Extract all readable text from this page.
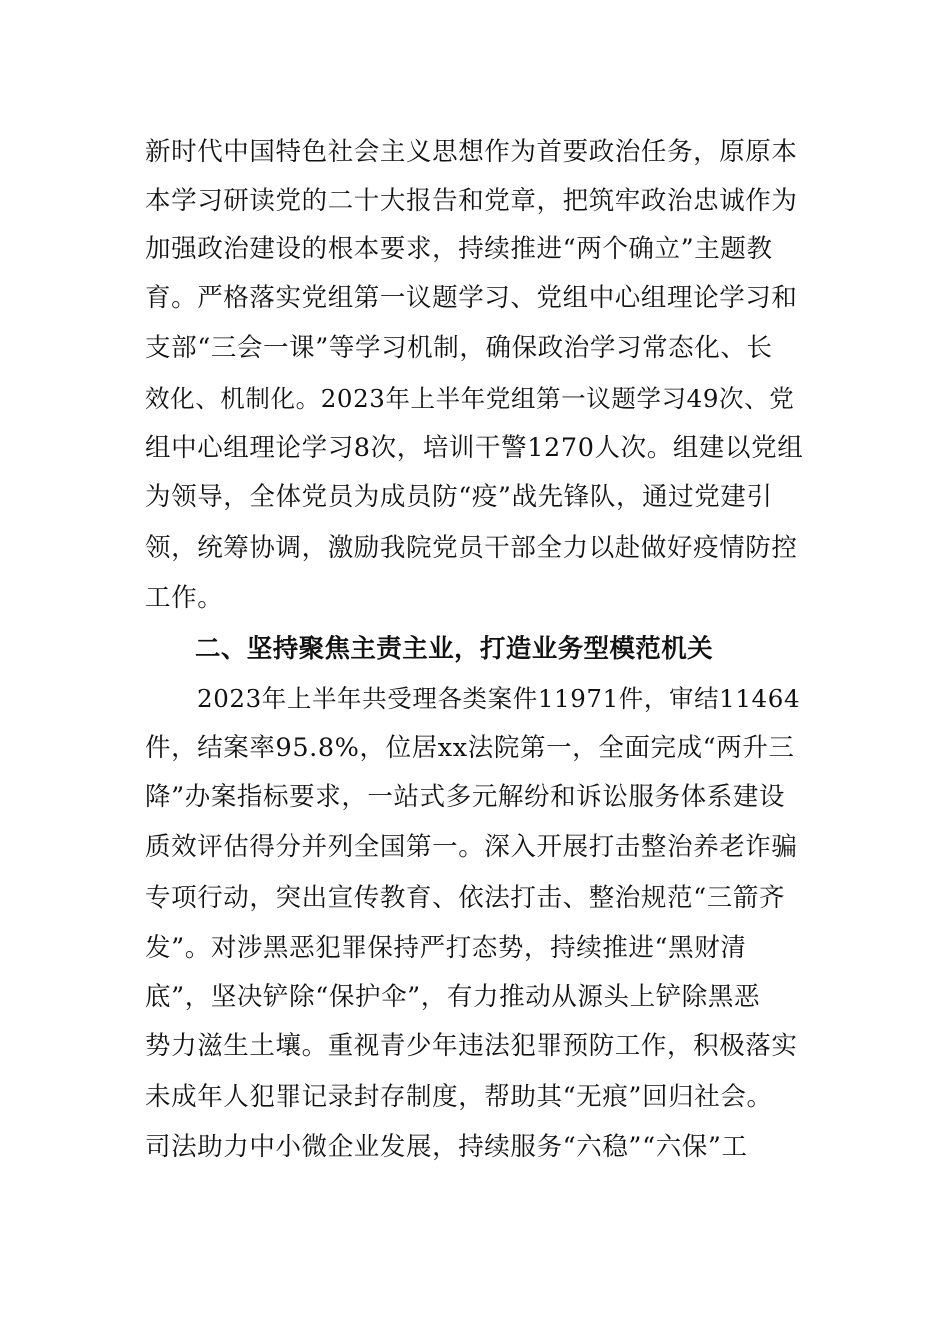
新时代中国特色社会主义思想作为首要政治任务，原原本
本学习研读党的二十大报告和党章，把筑牢政治忠诚作为
加强政治建设的根本要求，持续推进“两个确立”主题教
育。严格落实党组第一议题学习、党组中心组理论学习和
支部“三会一课”等学习机制，确保政治学习常态化、长
效化、机制化。2023年上半年党组第一议题学习49次、党
组中心组理论学习8次，培训干警1270人次。组建以党组
为领导，全体党员为成员防“疫”战先锋队，通过党建引
领，统筹协调，激励我院党员干部全力以赴做好疫情防控
工作。
二、坚持聚焦主责主业，打造业务型模范机关
2023年上半年共受理各类案件11971件，审结11464
件，结案率95.8%，位居xx法院第一，全面完成“两升三
降”办案指标要求，一站式多元解纷和诉讼服务体系建设
质效评估得分并列全国第一。深入开展打击整治养老诈骗
专项行动，突出宣传教育、依法打击、整治规范“三箭齐
发”。对涉黑恶犯罪保持严打态势，持续推进“黑财清
底”，坚决铲除“保护伞”，有力推动从源头上铲除黑恶
势力滋生土壤。重视青少年违法犯罪预防工作，积极落实
未成年人犯罪记录封存制度，帮助其“无痕”回归社会。
司法助力中小微企业发展，持续服务“六稳”“六保”工
